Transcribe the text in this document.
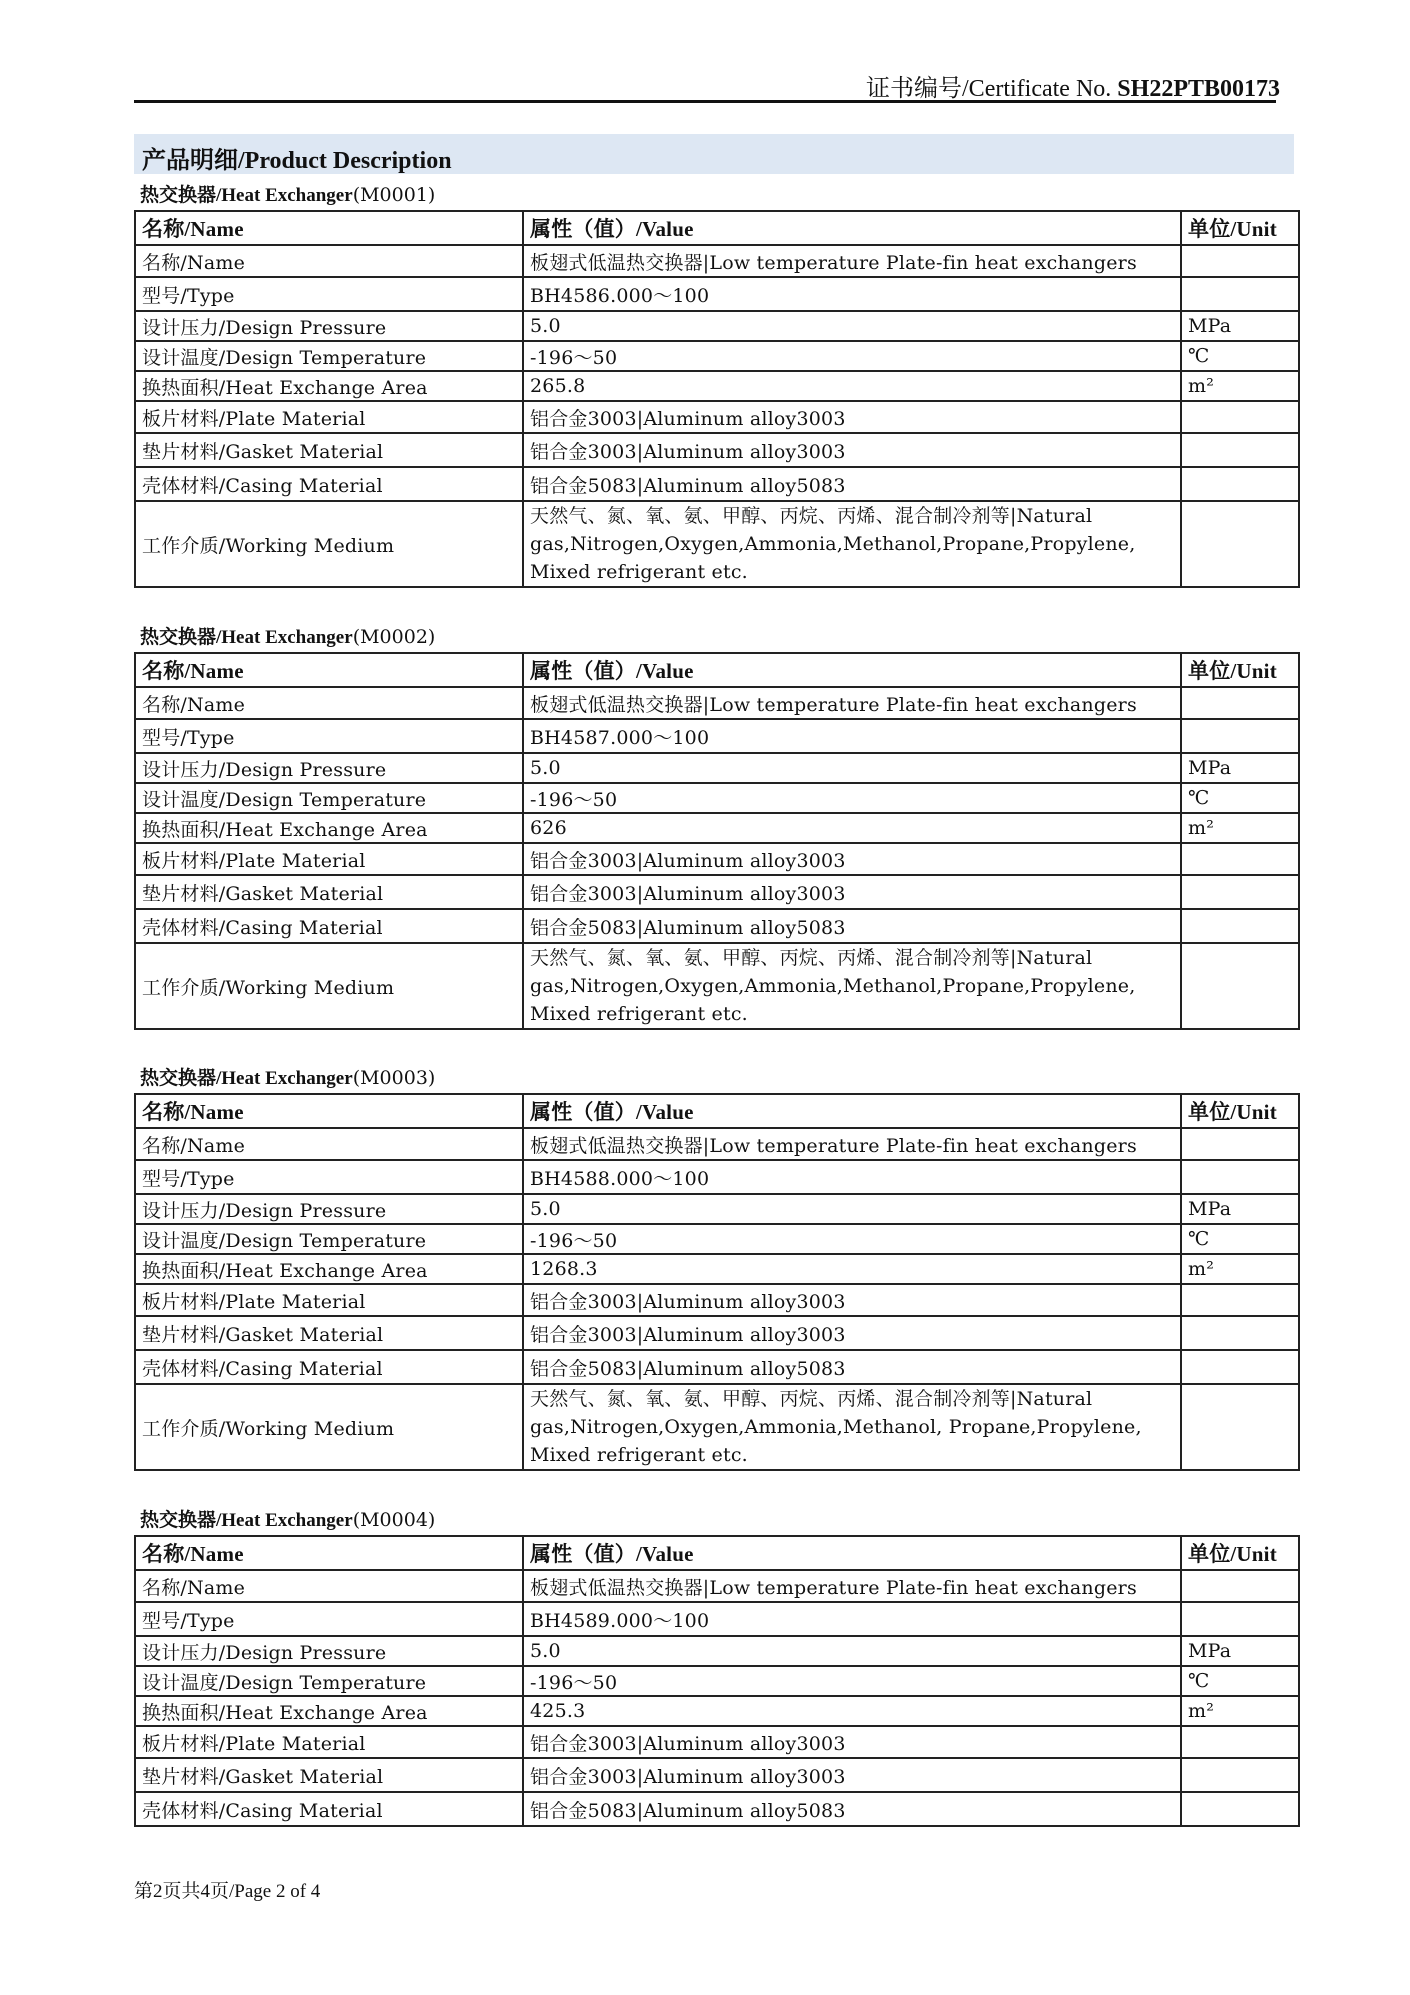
证书编号/Certificate No. SH22PTB00173
产品明细/Product Description
热交换器/Heat Exchanger(M0001)
名称/Name	属性（值）/Value	单位/Unit
名称/Name	板翅式低温热交换器|Low temperature Plate-fin heat exchangers	
型号/Type	BH4586.000～100	
设计压力/Design Pressure	5.0	MPa
设计温度/Design Temperature	-196～50	℃
换热面积/Heat Exchange Area	265.8	m²
板片材料/Plate Material	铝合金3003|Aluminum alloy3003	
垫片材料/Gasket Material	铝合金3003|Aluminum alloy3003	
壳体材料/Casing Material	铝合金5083|Aluminum alloy5083	
工作介质/Working Medium	天然气、氮、氧、氨、甲醇、丙烷、丙烯、混合制冷剂等|Natural gas,Nitrogen,Oxygen,Ammonia,Methanol,Propane,Propylene, Mixed refrigerant etc.	
热交换器/Heat Exchanger(M0002)
名称/Name	属性（值）/Value	单位/Unit
名称/Name	板翅式低温热交换器|Low temperature Plate-fin heat exchangers	
型号/Type	BH4587.000～100	
设计压力/Design Pressure	5.0	MPa
设计温度/Design Temperature	-196～50	℃
换热面积/Heat Exchange Area	626	m²
板片材料/Plate Material	铝合金3003|Aluminum alloy3003	
垫片材料/Gasket Material	铝合金3003|Aluminum alloy3003	
壳体材料/Casing Material	铝合金5083|Aluminum alloy5083	
工作介质/Working Medium	天然气、氮、氧、氨、甲醇、丙烷、丙烯、混合制冷剂等|Natural gas,Nitrogen,Oxygen,Ammonia,Methanol,Propane,Propylene, Mixed refrigerant etc.	
热交换器/Heat Exchanger(M0003)
名称/Name	属性（值）/Value	单位/Unit
名称/Name	板翅式低温热交换器|Low temperature Plate-fin heat exchangers	
型号/Type	BH4588.000～100	
设计压力/Design Pressure	5.0	MPa
设计温度/Design Temperature	-196～50	℃
换热面积/Heat Exchange Area	1268.3	m²
板片材料/Plate Material	铝合金3003|Aluminum alloy3003	
垫片材料/Gasket Material	铝合金3003|Aluminum alloy3003	
壳体材料/Casing Material	铝合金5083|Aluminum alloy5083	
工作介质/Working Medium	天然气、氮、氧、氨、甲醇、丙烷、丙烯、混合制冷剂等|Natural gas,Nitrogen,Oxygen,Ammonia,Methanol, Propane,Propylene, Mixed refrigerant etc.	
热交换器/Heat Exchanger(M0004)
名称/Name	属性（值）/Value	单位/Unit
名称/Name	板翅式低温热交换器|Low temperature Plate-fin heat exchangers	
型号/Type	BH4589.000～100	
设计压力/Design Pressure	5.0	MPa
设计温度/Design Temperature	-196～50	℃
换热面积/Heat Exchange Area	425.3	m²
板片材料/Plate Material	铝合金3003|Aluminum alloy3003	
垫片材料/Gasket Material	铝合金3003|Aluminum alloy3003	
壳体材料/Casing Material	铝合金5083|Aluminum alloy5083	
第2页共4页/Page 2 of 4
